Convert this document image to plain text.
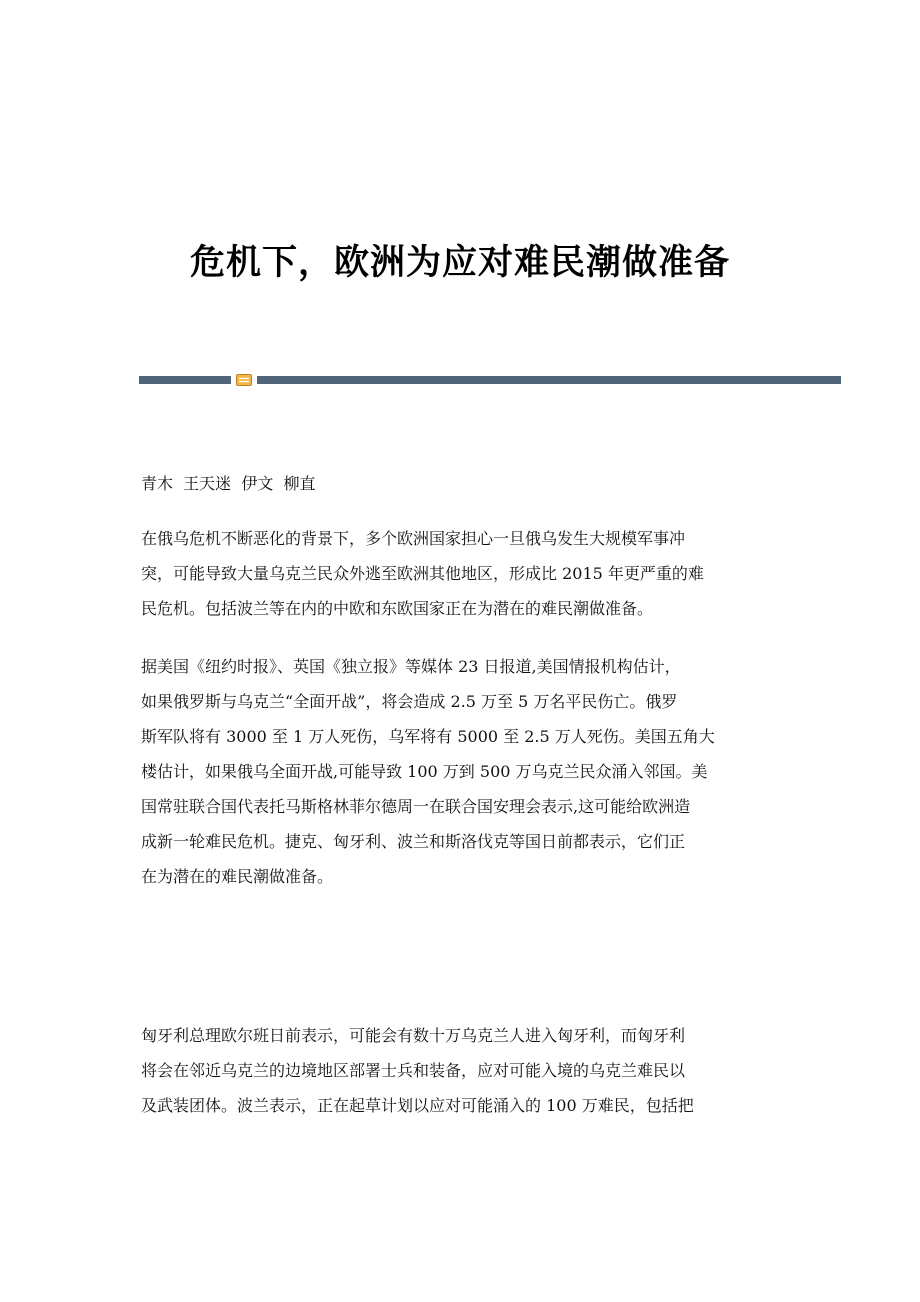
危机下，欧洲为应对难民潮做准备
青木  王天迷  伊文  柳直
在俄乌危机不断恶化的背景下，多个欧洲国家担心一旦俄乌发生大规模军事冲
突，可能导致大量乌克兰民众外逃至欧洲其他地区，形成比 2015 年更严重的难
民危机。包括波兰等在内的中欧和东欧国家正在为潜在的难民潮做准备。
据美国《纽约时报》、英国《独立报》等媒体 23 日报道,美国情报机构估计，
如果俄罗斯与乌克兰“全面开战”，将会造成 2.5 万至 5 万名平民伤亡。俄罗
斯军队将有 3000 至 1 万人死伤，乌军将有 5000 至 2.5 万人死伤。美国五角大
楼估计，如果俄乌全面开战,可能导致 100 万到 500 万乌克兰民众涌入邻国。美
国常驻联合国代表托马斯格林菲尔德周一在联合国安理会表示,这可能给欧洲造
成新一轮难民危机。捷克、匈牙利、波兰和斯洛伐克等国日前都表示，它们正
在为潜在的难民潮做准备。
匈牙利总理欧尔班日前表示，可能会有数十万乌克兰人进入匈牙利，而匈牙利
将会在邻近乌克兰的边境地区部署士兵和装备，应对可能入境的乌克兰难民以
及武装团体。波兰表示，正在起草计划以应对可能涌入的 100 万难民，包括把
